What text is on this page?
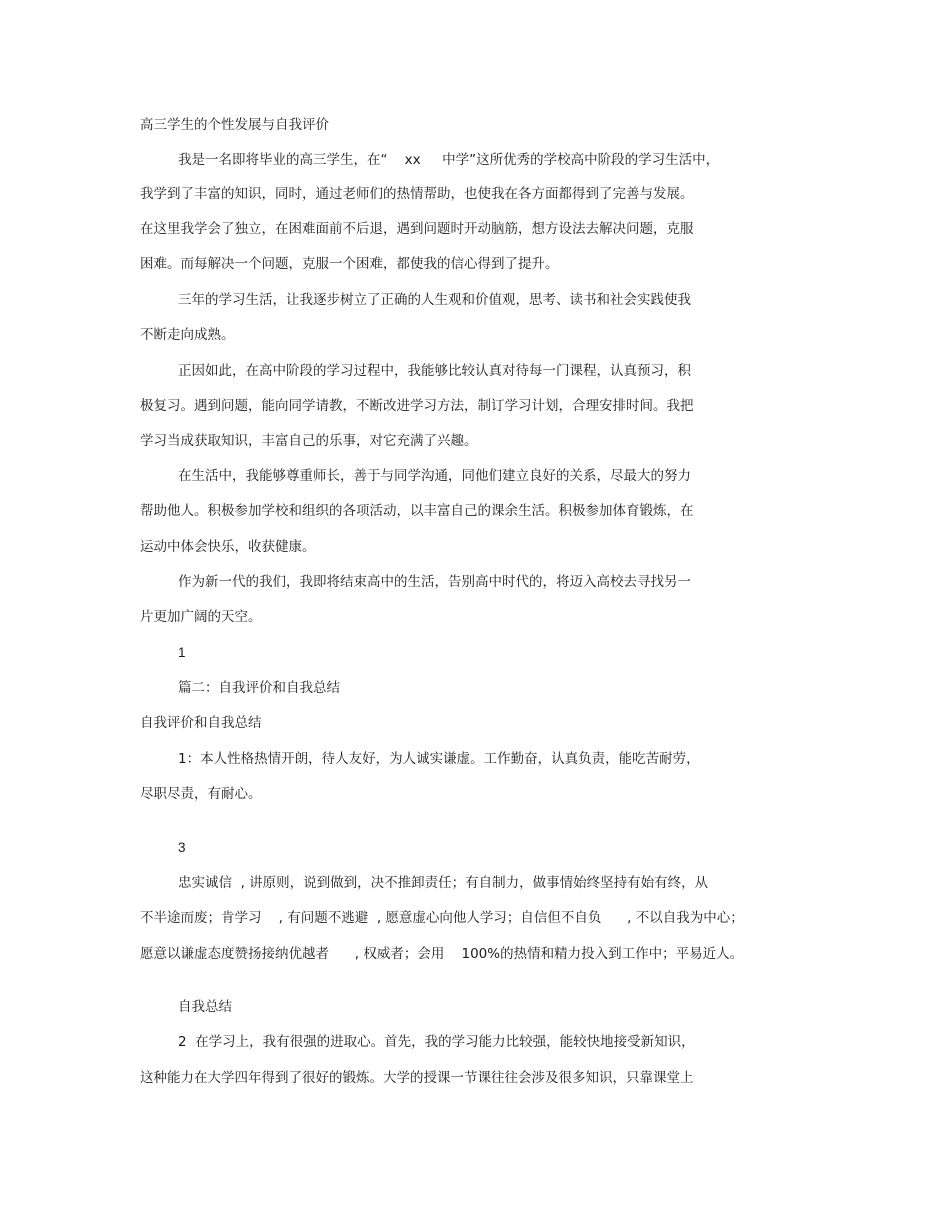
高三学生的个性发展与自我评价
我是一名即将毕业的高三学生，在“    xx     中学”这所优秀的学校高中阶段的学习生活中，
我学到了丰富的知识，同时，通过老师们的热情帮助，也使我在各方面都得到了完善与发展。
在这里我学会了独立，在困难面前不后退，遇到问题时开动脑筋，想方设法去解决问题，克服
困难。而每解决一个问题，克服一个困难，都使我的信心得到了提升。
三年的学习生活，让我逐步树立了正确的人生观和价值观，思考、读书和社会实践使我
不断走向成熟。
正因如此，在高中阶段的学习过程中，我能够比较认真对待每一门课程，认真预习，积
极复习。遇到问题，能向同学请教，不断改进学习方法，制订学习计划，合理安排时间。我把
学习当成获取知识，丰富自己的乐事，对它充满了兴趣。
在生活中，我能够尊重师长，善于与同学沟通，同他们建立良好的关系，尽最大的努力
帮助他人。积极参加学校和组织的各项活动，以丰富自己的课余生活。积极参加体育锻炼，在
运动中体会快乐，收获健康。
作为新一代的我们，我即将结束高中的生活，告别高中时代的，将迈入高校去寻找另一
片更加广阔的天空。
1
篇二：自我评价和自我总结
自我评价和自我总结
1：本人性格热情开朗，待人友好，为人诚实谦虚。工作勤奋，认真负责，能吃苦耐劳，
尽职尽责，有耐心。
3
忠实诚信  , 讲原则，说到做到，决不推卸责任；有自制力，做事情始终坚持有始有终，从
不半途而废；肯学习    , 有问题不逃避  , 愿意虚心向他人学习；自信但不自负      , 不以自我为中心；
愿意以谦虚态度赞扬接纳优越者      , 权威者；会用    100%的热情和精力投入到工作中；平易近人。
自我总结
2  在学习上，我有很强的进取心。首先，我的学习能力比较强，能较快地接受新知识，
这种能力在大学四年得到了很好的锻炼。大学的授课一节课往往会涉及很多知识，只靠课堂上
